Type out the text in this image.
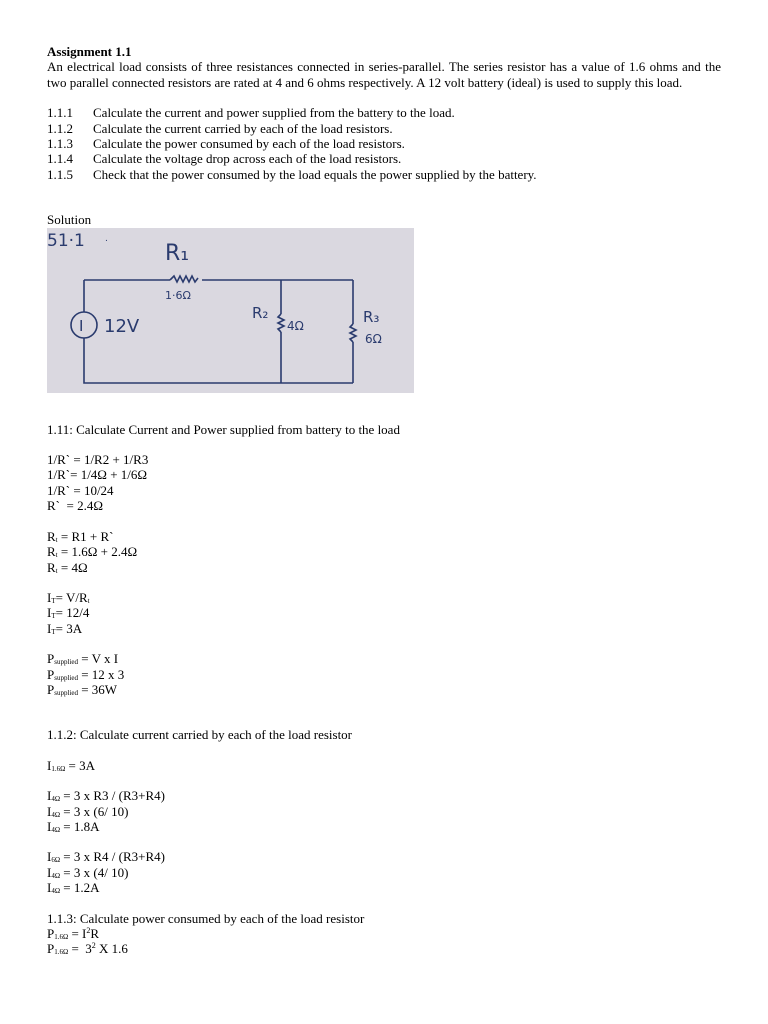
Assignment 1.1

An electrical load consists of three resistances connected in series-parallel. The series resistor has a value of 1.6 ohms and the two parallel connected resistors are rated at 4 and 6 ohms respectively. A 12 volt battery (ideal) is used to supply this load.

1.1.1	Calculate the current and power supplied from the battery to the load.
1.1.2	Calculate the current carried by each of the load resistors.
1.1.3	Calculate the power consumed by each of the load resistors.
1.1.4	Calculate the voltage drop across each of the load resistors.
1.1.5	Check that the power consumed by the load equals the power supplied by the battery.
Solution
51·1 .
R₁
1·6Ω
I 12V
R₂
4Ω	R₃
6Ω
1.11: Calculate Current and Power supplied from battery to the load
1/R` = 1/R2 + 1/R3
1/R`= 1/4Ω + 1/6Ω
1/R` = 10/24
R`  = 2.4Ω
$R_t = R1$ + R`
$R_t = 1.6\Omega + 2.4\Omega$
$R_t = 4\Omega$
$I_T= V/R_t$
$I_T= 12/4$
$I_T= 3A$
$P_{supplied} = V$ x I
$P_{supplied} = 12$ x 3
$P_{supplied} = 36W$
1.1.2: Calculate current carried by each of the load resistor
$I_{1.6\Omega} = 3A$
$I_{4\Omega} = 3$ x R3 / (R3+R4)
$I_{4\Omega} = 3$ x (6/ 10)
$I_{4\Omega} = 1.8A$
$I_{6\Omega} = 3$ x R4 / (R3+R4)
$I_{4\Omega} = 3$ x (4/ 10)
$I_{4\Omega} = 1.2A$
1.1.3: Calculate power consumed by each of the load resistor
$P_{1.6\Omega} = I^2R$
$P_{1.6\Omega} = 3^2$ X 1.6
